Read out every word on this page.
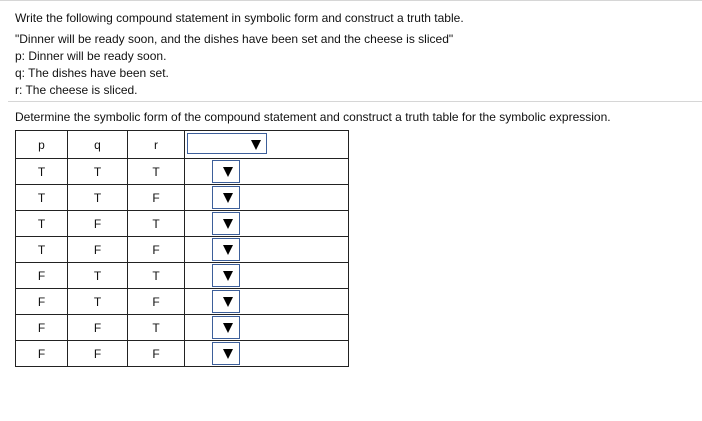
Write the following compound statement in symbolic form and construct a truth table.
"Dinner will be ready soon, and the dishes have been set and the cheese is sliced"
p: Dinner will be ready soon.
q: The dishes have been set.
r: The cheese is sliced.
Determine the symbolic form of the compound statement and construct a truth table for the symbolic expression.
p	q	r	

T	T	T	

T	T	F	

T	F	T	

T	F	F	

F	T	T	

F	T	F	

F	F	T	

F	F	F	
